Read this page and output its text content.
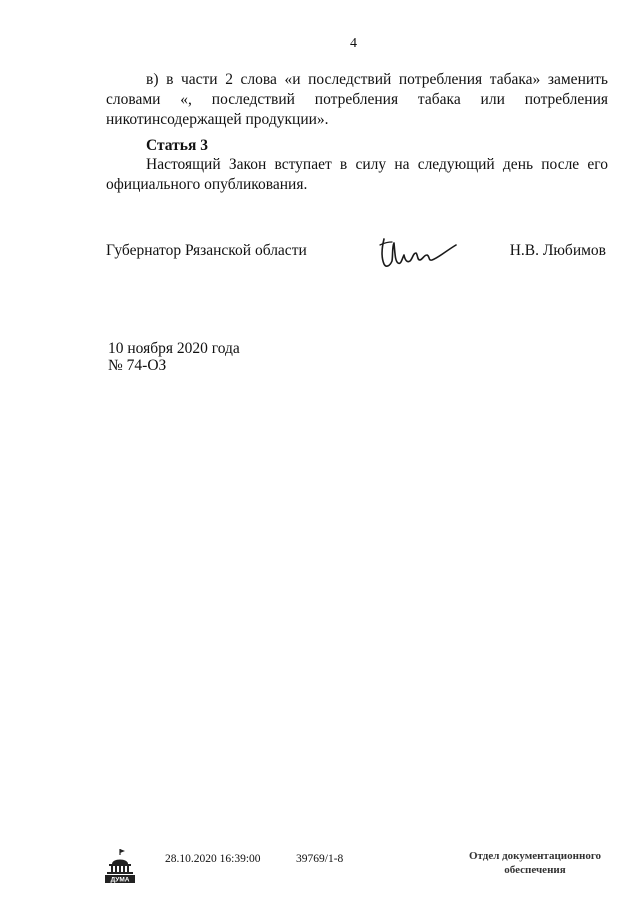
4

в) в части 2 слова «и последствий потребления табака» заменить словами «, последствий потребления табака или потребления никотинсодержащей продукции».

Статья 3

Настоящий Закон вступает в силу на следующий день после его официального опубликования.

Губернатор Рязанской области	Н.В. Любимов
10 ноября 2020 года
№ 74-ОЗ
ДУМА
28.10.2020 16:39:00	39769/1-8	Отдел документационного
обеспечения
